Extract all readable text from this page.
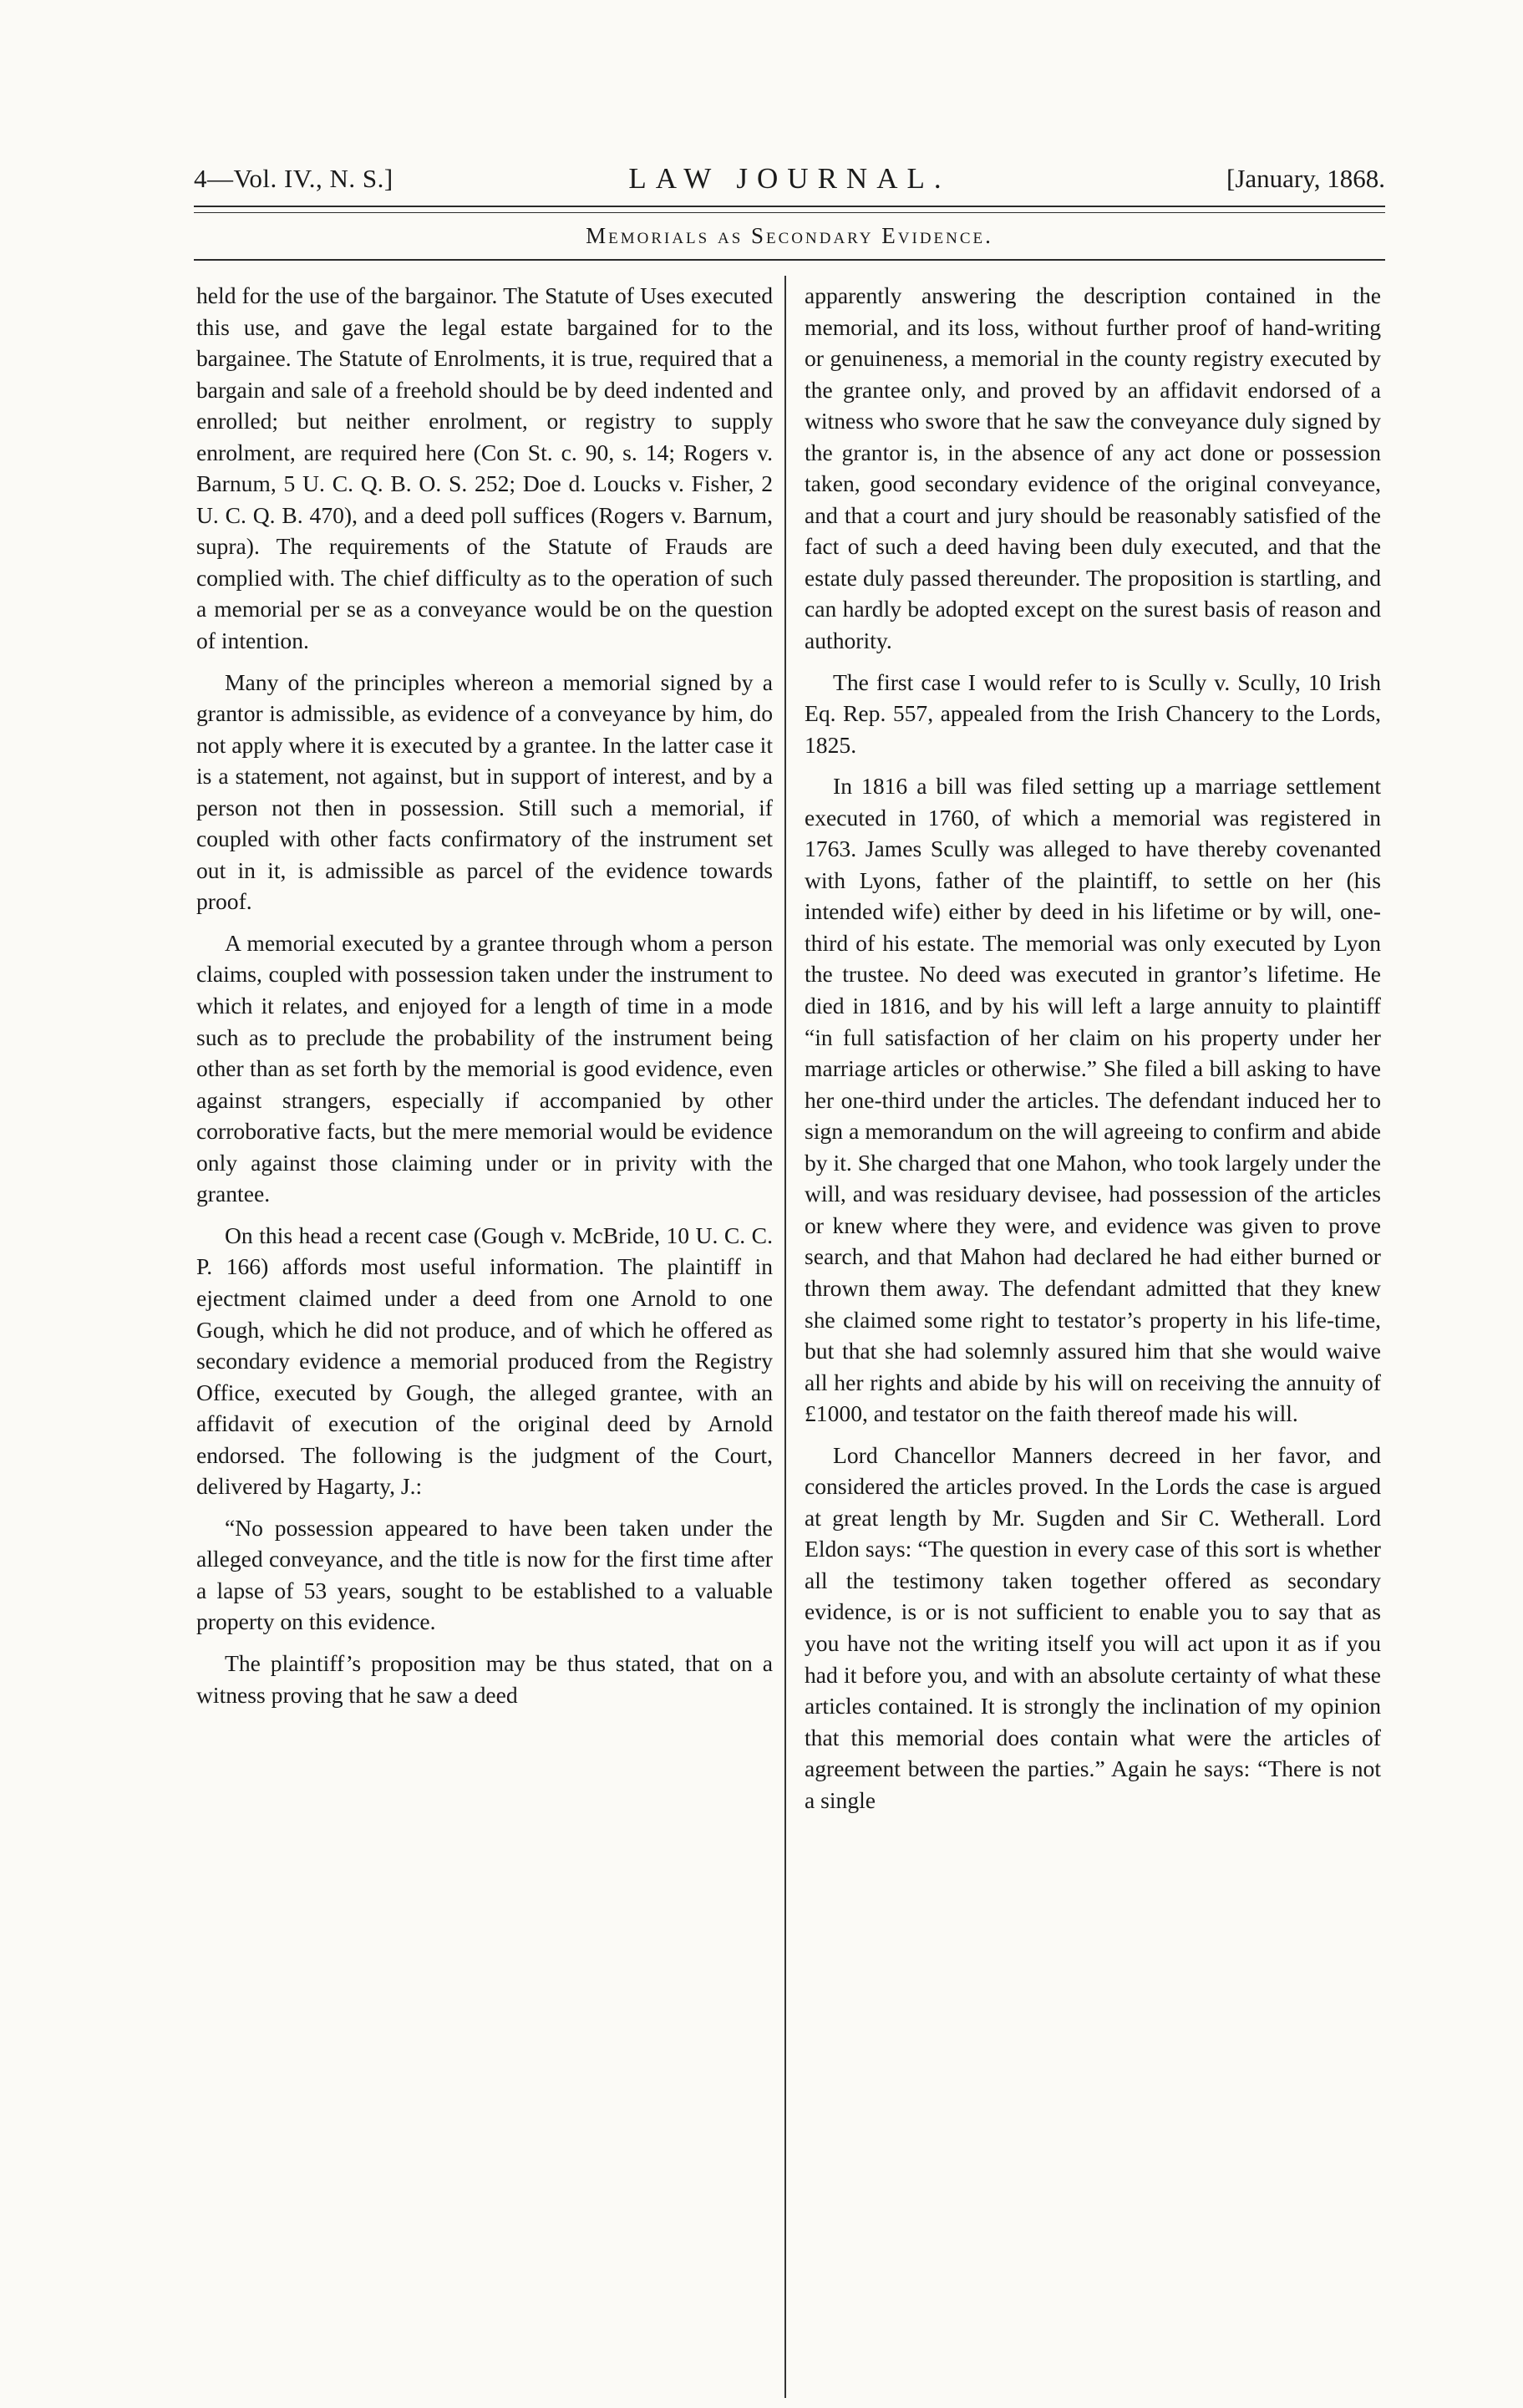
4—Vol. IV., N. S.]	LAW JOURNAL.	[January, 1868.
Memorials as Secondary Evidence.

held for the use of the bargainor. The Statute of Uses executed this use, and gave the legal estate bargained for to the bargainee. The Statute of Enrolments, it is true, required that a bargain and sale of a freehold should be by deed indented and enrolled; but neither enrolment, or registry to supply enrolment, are required here (Con St. c. 90, s. 14; Rogers v. Barnum, 5 U. C. Q. B. O. S. 252; Doe d. Loucks v. Fisher, 2 U. C. Q. B. 470), and a deed poll suffices (Rogers v. Barnum, supra). The requirements of the Statute of Frauds are complied with. The chief difficulty as to the operation of such a memorial per se as a conveyance would be on the question of intention.

Many of the principles whereon a memorial signed by a grantor is admissible, as evidence of a conveyance by him, do not apply where it is executed by a grantee. In the latter case it is a statement, not against, but in support of interest, and by a person not then in possession. Still such a memorial, if coupled with other facts confirmatory of the instrument set out in it, is admissible as parcel of the evidence towards proof.

A memorial executed by a grantee through whom a person claims, coupled with possession taken under the instrument to which it relates, and enjoyed for a length of time in a mode such as to preclude the probability of the instrument being other than as set forth by the memorial is good evidence, even against strangers, especially if accompanied by other corroborative facts, but the mere memorial would be evidence only against those claiming under or in privity with the grantee.

On this head a recent case (Gough v. McBride, 10 U. C. C. P. 166) affords most useful information. The plaintiff in ejectment claimed under a deed from one Arnold to one Gough, which he did not produce, and of which he offered as secondary evidence a memorial produced from the Registry Office, executed by Gough, the alleged grantee, with an affidavit of execution of the original deed by Arnold endorsed. The following is the judgment of the Court, delivered by Hagarty, J.:

“No possession appeared to have been taken under the alleged conveyance, and the title is now for the first time after a lapse of 53 years, sought to be established to a valuable property on this evidence.

The plaintiff’s proposition may be thus stated, that on a witness proving that he saw a deed

apparently answering the description contained in the memorial, and its loss, without further proof of hand-writing or genuineness, a memorial in the county registry executed by the grantee only, and proved by an affidavit endorsed of a witness who swore that he saw the conveyance duly signed by the grantor is, in the absence of any act done or possession taken, good secondary evidence of the original conveyance, and that a court and jury should be reasonably satisfied of the fact of such a deed having been duly executed, and that the estate duly passed thereunder. The proposition is startling, and can hardly be adopted except on the surest basis of reason and authority.

The first case I would refer to is Scully v. Scully, 10 Irish Eq. Rep. 557, appealed from the Irish Chancery to the Lords, 1825.

In 1816 a bill was filed setting up a marriage settlement executed in 1760, of which a memorial was registered in 1763. James Scully was alleged to have thereby covenanted with Lyons, father of the plaintiff, to settle on her (his intended wife) either by deed in his lifetime or by will, one-third of his estate. The memorial was only executed by Lyon the trustee. No deed was executed in grantor’s lifetime. He died in 1816, and by his will left a large annuity to plaintiff “in full satisfaction of her claim on his property under her marriage articles or otherwise.” She filed a bill asking to have her one-third under the articles. The defendant induced her to sign a memorandum on the will agreeing to confirm and abide by it. She charged that one Mahon, who took largely under the will, and was residuary devisee, had possession of the articles or knew where they were, and evidence was given to prove search, and that Mahon had declared he had either burned or thrown them away. The defendant admitted that they knew she claimed some right to testator’s property in his life-time, but that she had solemnly assured him that she would waive all her rights and abide by his will on receiving the annuity of £1000, and testator on the faith thereof made his will.

Lord Chancellor Manners decreed in her favor, and considered the articles proved. In the Lords the case is argued at great length by Mr. Sugden and Sir C. Wetherall. Lord Eldon says: “The question in every case of this sort is whether all the testimony taken together offered as secondary evidence, is or is not sufficient to enable you to say that as you have not the writing itself you will act upon it as if you had it before you, and with an absolute certainty of what these articles contained. It is strongly the inclination of my opinion that this memorial does contain what were the articles of agreement between the parties.” Again he says: “There is not a single
